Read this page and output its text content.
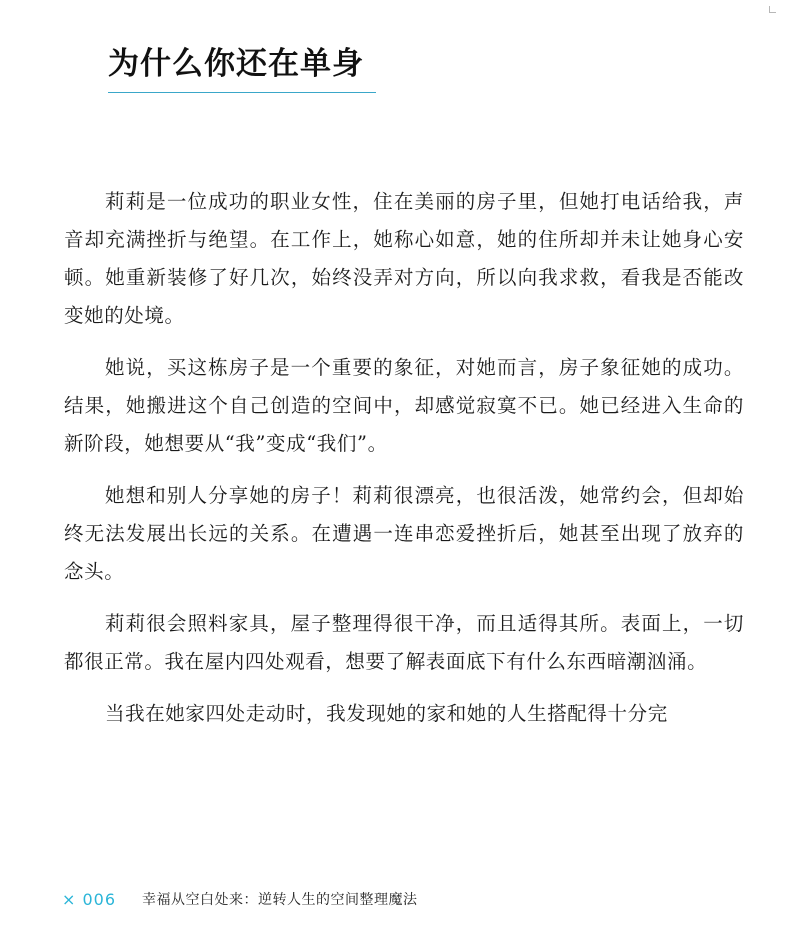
为什么你还在单身

莉莉是一位成功的职业女性，住在美丽的房子里，但她打电话给我，声音却充满挫折与绝望。在工作上，她称心如意，她的住所却并未让她身心安顿。她重新装修了好几次，始终没弄对方向，所以向我求救，看我是否能改变她的处境。

她说，买这栋房子是一个重要的象征，对她而言，房子象征她的成功。结果，她搬进这个自己创造的空间中，却感觉寂寞不已。她已经进入生命的新阶段，她想要从“我”变成“我们”。

她想和别人分享她的房子！莉莉很漂亮，也很活泼，她常约会，但却始终无法发展出长远的关系。在遭遇一连串恋爱挫折后，她甚至出现了放弃的念头。

莉莉很会照料家具，屋子整理得很干净，而且适得其所。表面上，一切都很正常。我在屋内四处观看，想要了解表面底下有什么东西暗潮汹涌。

当我在她家四处走动时，我发现她的家和她的人生搭配得十分完

× 006	幸福从空白处来：逆转人生的空间整理魔法
